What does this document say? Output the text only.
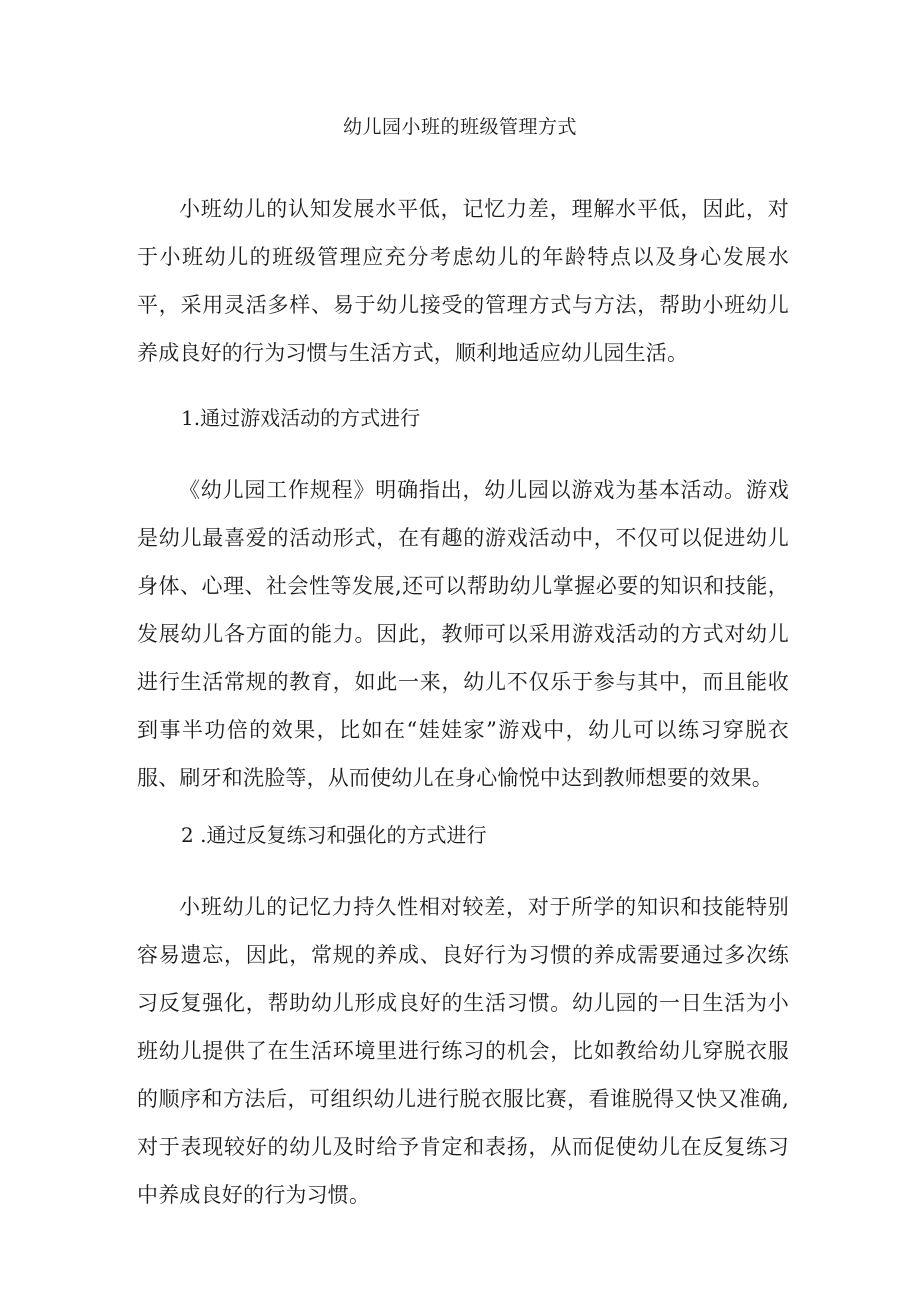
幼儿园小班的班级管理方式

小班幼儿的认知发展水平低，记忆力差，理解水平低，因此，对于小班幼儿的班级管理应充分考虑幼儿的年龄特点以及身心发展水平，采用灵活多样、易于幼儿接受的管理方式与方法，帮助小班幼儿养成良好的行为习惯与生活方式，顺利地适应幼儿园生活。

1.通过游戏活动的方式进行

《幼儿园工作规程》明确指出，幼儿园以游戏为基本活动。游戏是幼儿最喜爱的活动形式，在有趣的游戏活动中，不仅可以促进幼儿身体、心理、社会性等发展,还可以帮助幼儿掌握必要的知识和技能，发展幼儿各方面的能力。因此，教师可以采用游戏活动的方式对幼儿进行生活常规的教育，如此一来，幼儿不仅乐于参与其中，而且能收到事半功倍的效果，比如在“娃娃家”游戏中，幼儿可以练习穿脱衣服、刷牙和洗脸等，从而使幼儿在身心愉悦中达到教师想要的效果。

2 .通过反复练习和强化的方式进行

小班幼儿的记忆力持久性相对较差，对于所学的知识和技能特别容易遗忘，因此，常规的养成、良好行为习惯的养成需要通过多次练习反复强化，帮助幼儿形成良好的生活习惯。幼儿园的一日生活为小班幼儿提供了在生活环境里进行练习的机会，比如教给幼儿穿脱衣服的顺序和方法后，可组织幼儿进行脱衣服比赛，看谁脱得又快又准确,对于表现较好的幼儿及时给予肯定和表扬，从而促使幼儿在反复练习中养成良好的行为习惯。
